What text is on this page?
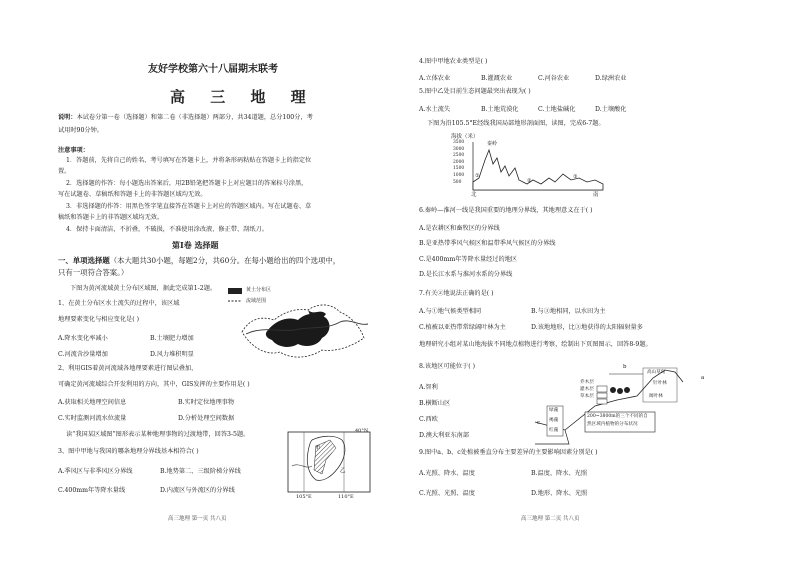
友好学校第六十八届期末联考
高 三 地 理
说明：本试卷分第一卷（选择题）和第二卷（非选择题）两部分，共34道题，总分100分，考
试用时90分钟。
注意事项：
1．答题前，先将自己的姓名、考号填写在答题卡上，并将条形码粘贴在答题卡上的指定位
置。
2．选择题的作答：每小题选出答案后，用2B铅笔把答题卡上对应题目的答案标号涂黑，
写在试题卷、草稿纸和答题卡上的非答题区域均无效。
3．非选择题的作答：用黑色签字笔直接答在答题卡上对应的答题区域内。写在试题卷、草
稿纸和答题卡上的非答题区域均无效。
4．保持卡面清洁，不折叠，不破损，不准使用涂改液、修正带、刮纸刀。
第Ⅰ卷 选择题
一、单项选择题（本大题共30小题，每题2分，共60分。在每小题给出的四个选项中，
只有一项符合答案。）
下图为黄河流域黄土分布区域图，据此完成第1-2题。	黄土分布区
流域范围
1、在黄土分布区水土流失的过程中，该区域
地理要素变化与相应变化是( )
A.降水变化率减小	B.土壤肥力增加
C.河流含沙量增加	D.风力堆积明显
2、利用GIS着黄河流域各地理要素进行图层叠加，
可确定黄河流域综合开发利用的方向，其中，GIS发挥的主要作用是( )
A.获取相关地理空间信息	B.实时定位地理事物
C.实时监测河流水位流量	D.分析处理空间数据
读“我国某区域图”图形表示某种地理事物的过渡地带，回答3-5题。	40°N
甲
乙
105°E	110°E
3、图中甲地与我国的哪条地理分界线基本相符合( )
A.季风区与非季风区分界线	B.地势第二、三级阶梯分界线
C.400mm年等降水量线	D.内流区与外流区的分界线
高三地理 第一页 共八页
4.图中甲地农业类型是( )
A.立体农业	B.灌溉农业	C.河谷农业	D.绿洲农业
5.图中乙处目前生态问题最突出表现为( )
A.水土流失	B.土地荒漠化	C.土地盐碱化	D.土壤酸化
下图为沿105.5°E经线我国局部地形剖面图，读图，完成6-7题。
海拔（米）
3500
3000
2500
2000
1500
1000
500
秦岭
①
②
③
北	南
6.秦岭—淮河一线是我国重要的地理分界线，其地理意义在于( )
A.是农耕区和畜牧区的分界线
B.是亚热带季风气候区和温带季风气候区的分界线
C.是400mm年等降水量经过的地区
D.是长江水系与淮河水系的分界线
7.有关②地说法正确的是( )
A.与①地气候类型相同	B.与③地相同，以水田为主
C.植被以亚热带常绿阔叶林为主	D.该地地形，比③地获得的太阳辐射量多
地理研究小组对某山地海拔不同地点植物进行考察，绘制出下页图图示，回答8-9题。
8.该地区可能位于( )
A.智利
B.横断山区
C.西欧
D.澳大利亚东南部
b
a
c
乔木层
灌木层
草本层
高山草甸
针叶林
阔叶林
绿藻
褐藻
红藻
200~3800m的三个不同的自
然区域内植物的分布状况
9.图中a、b、c处植被垂直分布主要差异的主要影响因素分别是( )
A.光照、降水、温度	B.温度、降水、光照
C.光照、光照、温度	D.地形、降水、光照
高三地理 第二页 共八页
